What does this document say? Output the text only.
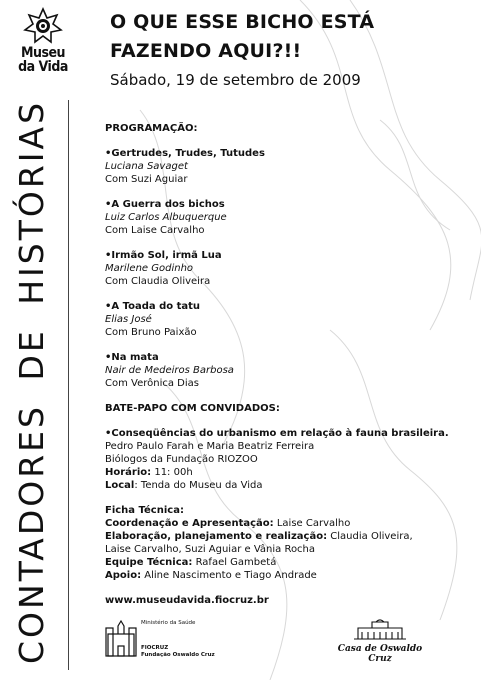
Museu
da Vida
O QUE ESSE BICHO ESTÁ
FAZENDO AQUI?!!
Sábado, 19 de setembro de 2009
CONTADORES DE HISTÓRIAS	PROGRAMAÇÃO:
•Gertrudes, Trudes, Tutudes
Luciana Savaget
Com Suzi Aguiar
•A Guerra dos bichos
Luiz Carlos Albuquerque
Com Laise Carvalho
•Irmão Sol, irmã Lua
Marilene Godinho
Com Claudia Oliveira
•A Toada do tatu
Elias José
Com Bruno Paixão
•Na mata
Nair de Medeiros Barbosa
Com Verônica Dias
BATE-PAPO COM CONVIDADOS:
•Conseqüências do urbanismo em relação à fauna brasileira.
Pedro Paulo Farah e Maria Beatriz Ferreira
Biólogos da Fundação RIOZOO
Horário: 11: 00h
Local: Tenda do Museu da Vida
Ficha Técnica:
Coordenação e Apresentação: Laise Carvalho
Elaboração, planejamento e realização: Claudia Oliveira,
Laise Carvalho, Suzi Aguiar e Vânia Rocha
Equipe Técnica: Rafael Gambetá
Apoio: Aline Nascimento e Tiago Andrade
www.museudavida.fiocruz.br
Ministério da Saúde
FIOCRUZ
Fundação Oswaldo Cruz
Casa de Oswaldo Cruz
